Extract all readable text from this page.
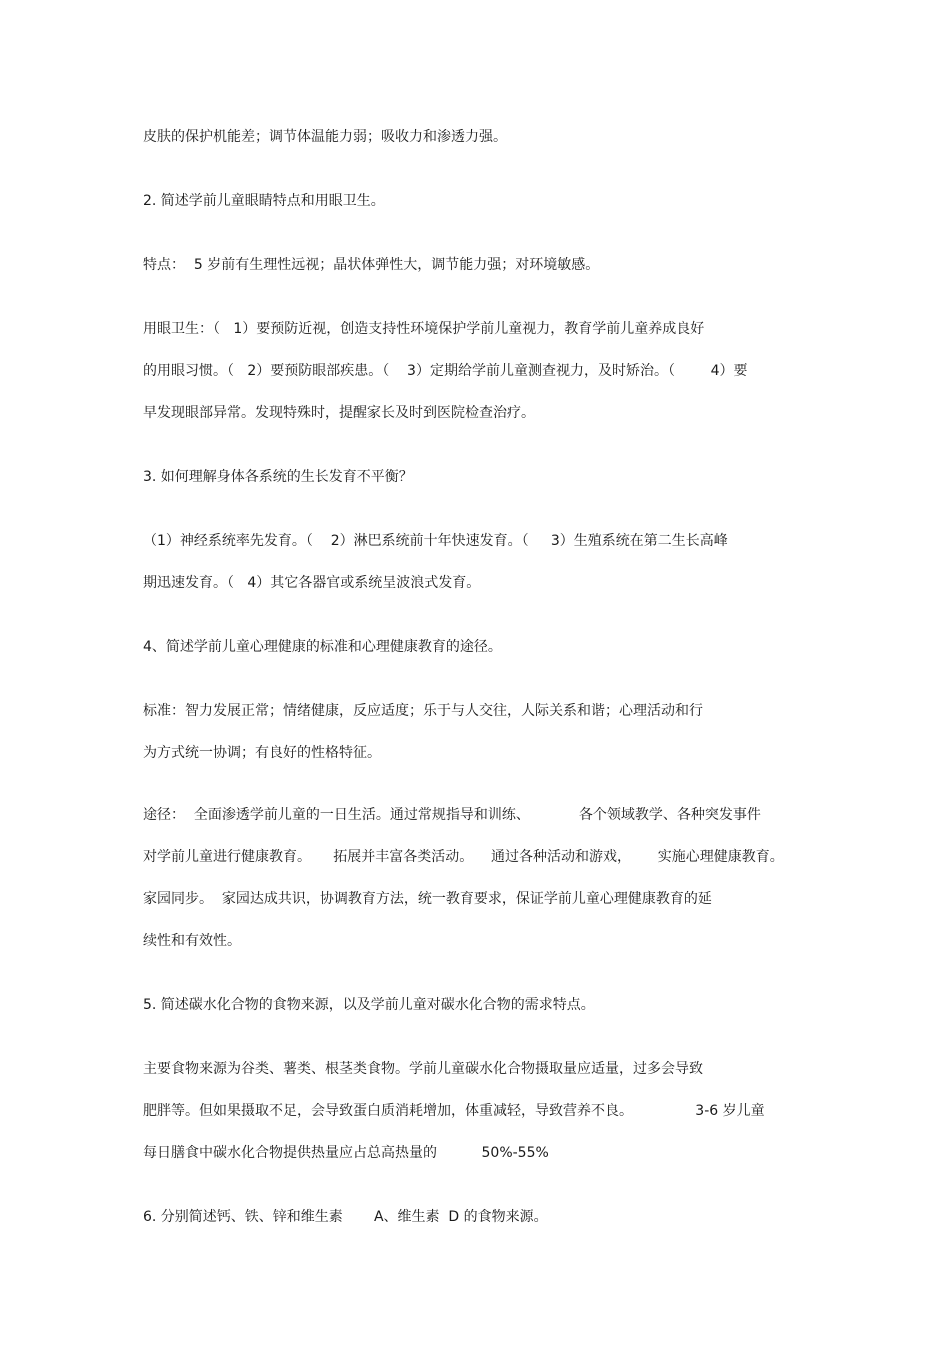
皮肤的保护机能差；调节体温能力弱；吸收力和渗透力强。
2. 简述学前儿童眼睛特点和用眼卫生。
特点：  5 岁前有生理性远视；晶状体弹性大，调节能力强；对环境敏感。
用眼卫生：（   1）要预防近视，创造支持性环境保护学前儿童视力，教育学前儿童养成良好
的用眼习惯。（   2）要预防眼部疾患。（    3）定期给学前儿童测查视力，及时矫治。（        4）要
早发现眼部异常。发现特殊时，提醒家长及时到医院检查治疗。
3. 如何理解身体各系统的生长发育不平衡？
（1）神经系统率先发育。（    2）淋巴系统前十年快速发育。（     3）生殖系统在第二生长高峰
期迅速发育。（   4）其它各器官或系统呈波浪式发育。
4、简述学前儿童心理健康的标准和心理健康教育的途径。
标准：智力发展正常；情绪健康，反应适度；乐于与人交往，人际关系和谐；心理活动和行
为方式统一协调；有良好的性格特征。
途径：  全面渗透学前儿童的一日生活。通过常规指导和训练、           各个领域教学、各种突发事件
对学前儿童进行健康教育。     拓展并丰富各类活动。    通过各种活动和游戏，      实施心理健康教育。
家园同步。  家园达成共识，协调教育方法，统一教育要求，保证学前儿童心理健康教育的延
续性和有效性。
5. 简述碳水化合物的食物来源，以及学前儿童对碳水化合物的需求特点。
主要食物来源为谷类、薯类、根茎类食物。学前儿童碳水化合物摄取量应适量，过多会导致
肥胖等。但如果摄取不足，会导致蛋白质消耗增加，体重减轻，导致营养不良。              3-6 岁儿童
每日膳食中碳水化合物提供热量应占总高热量的          50%-55%
6. 分别简述钙、铁、锌和维生素       A、维生素  D 的食物来源。
